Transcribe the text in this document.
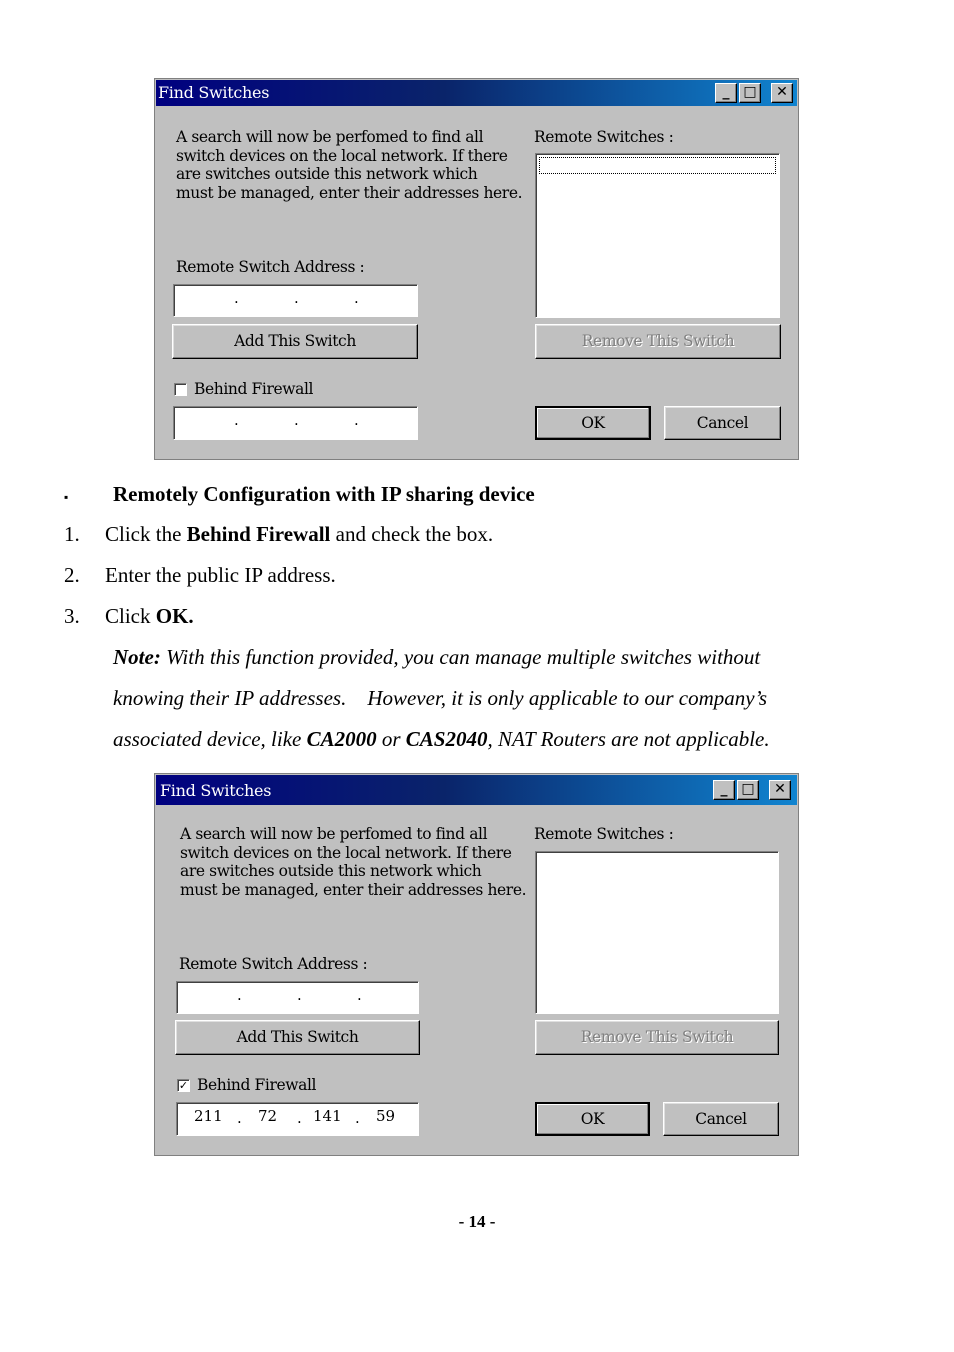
Find Switches	_ □	✕
A search will now be perfomed to find all
switch devices on the local network. If there
are switches outside this network which
must be managed, enter their addresses here.
Remote Switches :
Remote Switch Address :
.	.	.
Add This Switch	Remove This Switch
Behind Firewall
.	.	.	OK	Cancel
▪ Remotely Configuration with IP sharing device
1. Click the Behind Firewall and check the box.
2. Enter the public IP address.
3. Click OK.
Note: With this function provided, you can manage multiple switches without
knowing their IP addresses.    However, it is only applicable to our company’s
associated device, like CA2000 or CAS2040, NAT Routers are not applicable.
Find Switches	_ □	✕
A search will now be perfomed to find all
switch devices on the local network. If there
are switches outside this network which
must be managed, enter their addresses here.
Remote Switches :
Remote Switch Address :
.	.	.
Add This Switch	Remove This Switch
✓ Behind Firewall
211 . 72 . 141 . 59	OK	Cancel
- 14 -
